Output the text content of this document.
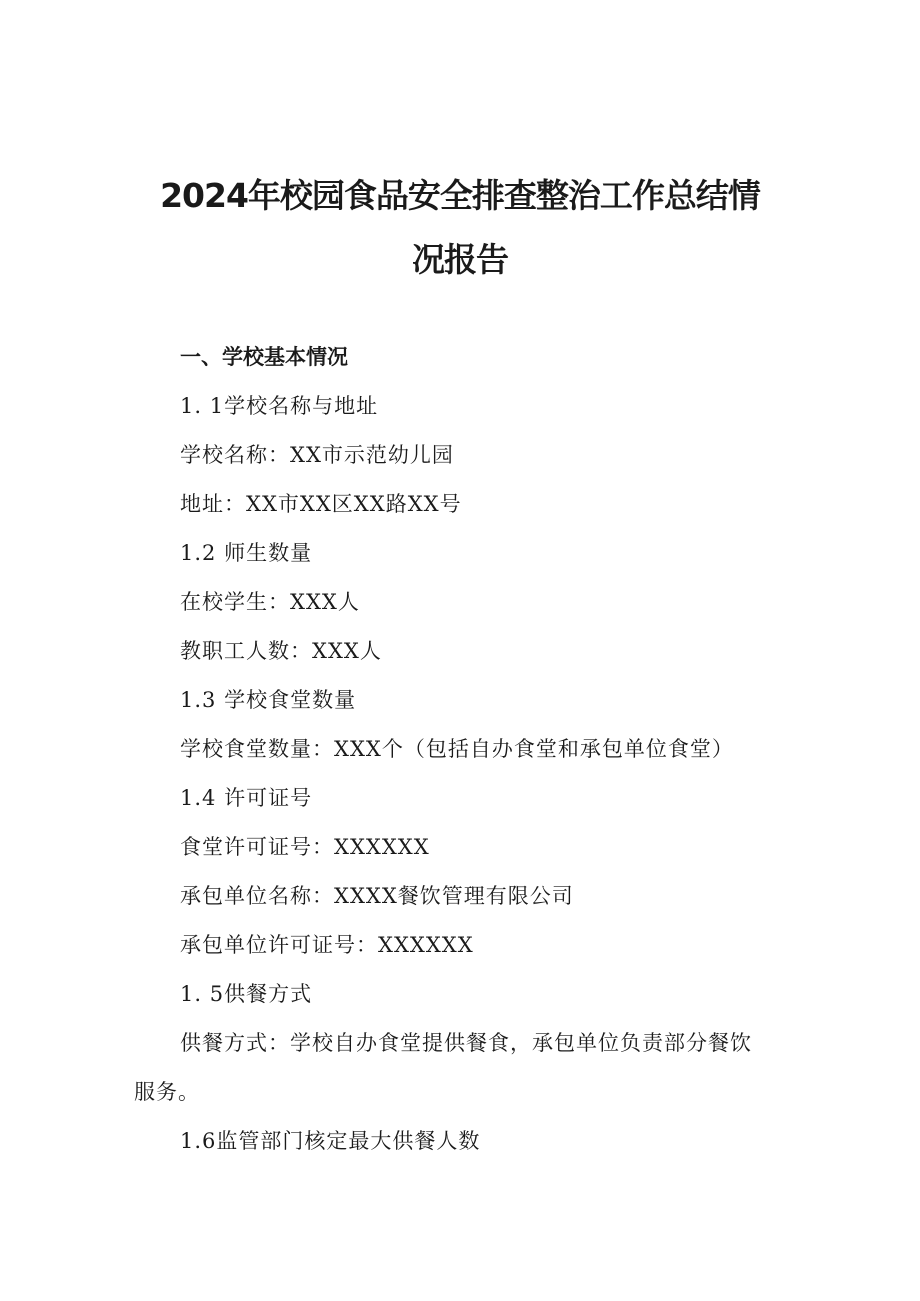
2024年校园食品安全排查整治工作总结情
况报告
一、学校基本情况
1. 1学校名称与地址
学校名称：XX市示范幼儿园
地址：XX市XX区XX路XX号
1.2 师生数量
在校学生：XXX人
教职工人数：XXX人
1.3 学校食堂数量
学校食堂数量：XXX个（包括自办食堂和承包单位食堂）
1.4 许可证号
食堂许可证号：XXXXXX
承包单位名称：XXXX餐饮管理有限公司
承包单位许可证号：XXXXXX
1. 5供餐方式
供餐方式：学校自办食堂提供餐食，承包单位负责部分餐饮
服务。
1.6监管部门核定最大供餐人数
